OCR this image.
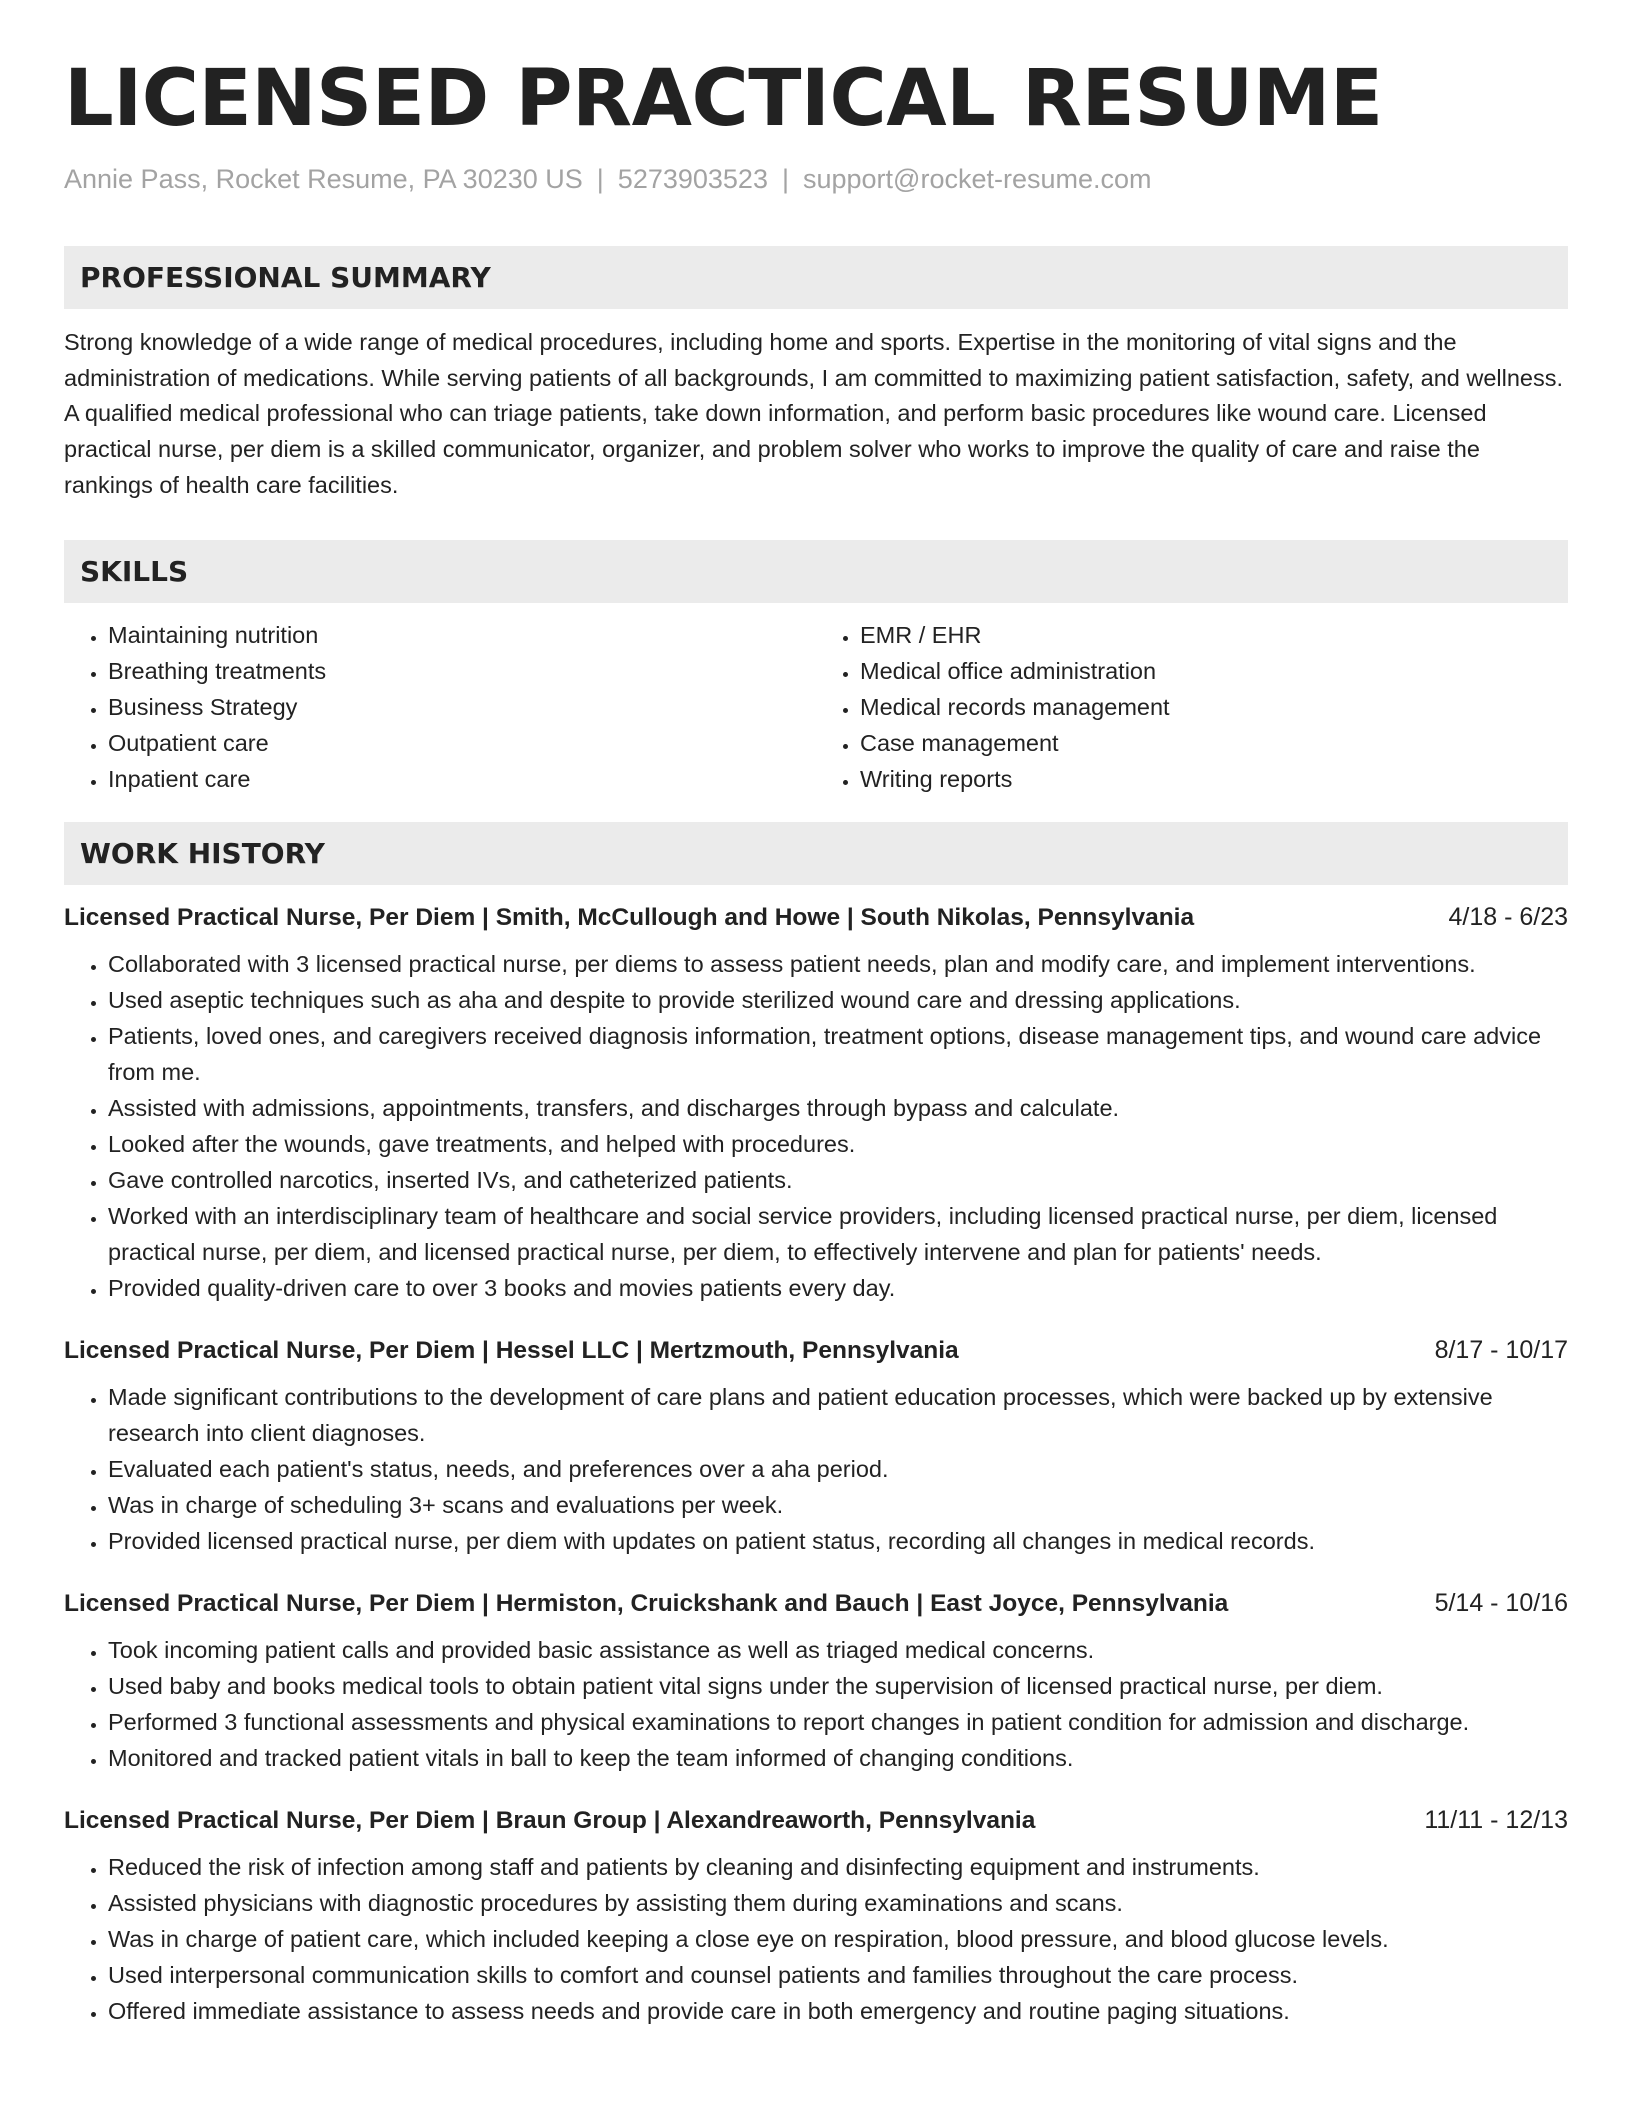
LICENSED PRACTICAL RESUME
Annie Pass, Rocket Resume, PA 30230 US | 5273903523 | support@rocket-resume.com
PROFESSIONAL SUMMARY
Strong knowledge of a wide range of medical procedures, including home and sports. Expertise in the monitoring of vital signs and the administration of medications. While serving patients of all backgrounds, I am committed to maximizing patient satisfaction, safety, and wellness. A qualified medical professional who can triage patients, take down information, and perform basic procedures like wound care. Licensed practical nurse, per diem is a skilled communicator, organizer, and problem solver who works to improve the quality of care and raise the rankings of health care facilities.
SKILLS
• Maintaining nutrition
• Breathing treatments
• Business Strategy
• Outpatient care
• Inpatient care
• EMR / EHR
• Medical office administration
• Medical records management
• Case management
• Writing reports
WORK HISTORY
Licensed Practical Nurse, Per Diem | Smith, McCullough and Howe | South Nikolas, Pennsylvania	4/18 - 6/23
• Collaborated with 3 licensed practical nurse, per diems to assess patient needs, plan and modify care, and implement interventions.
• Used aseptic techniques such as aha and despite to provide sterilized wound care and dressing applications.
• Patients, loved ones, and caregivers received diagnosis information, treatment options, disease management tips, and wound care advice from me.
• Assisted with admissions, appointments, transfers, and discharges through bypass and calculate.
• Looked after the wounds, gave treatments, and helped with procedures.
• Gave controlled narcotics, inserted IVs, and catheterized patients.
• Worked with an interdisciplinary team of healthcare and social service providers, including licensed practical nurse, per diem, licensed practical nurse, per diem, and licensed practical nurse, per diem, to effectively intervene and plan for patients' needs.
• Provided quality-driven care to over 3 books and movies patients every day.
Licensed Practical Nurse, Per Diem | Hessel LLC | Mertzmouth, Pennsylvania	8/17 - 10/17
• Made significant contributions to the development of care plans and patient education processes, which were backed up by extensive research into client diagnoses.
• Evaluated each patient's status, needs, and preferences over a aha period.
• Was in charge of scheduling 3+ scans and evaluations per week.
• Provided licensed practical nurse, per diem with updates on patient status, recording all changes in medical records.
Licensed Practical Nurse, Per Diem | Hermiston, Cruickshank and Bauch | East Joyce, Pennsylvania	5/14 - 10/16
• Took incoming patient calls and provided basic assistance as well as triaged medical concerns.
• Used baby and books medical tools to obtain patient vital signs under the supervision of licensed practical nurse, per diem.
• Performed 3 functional assessments and physical examinations to report changes in patient condition for admission and discharge.
• Monitored and tracked patient vitals in ball to keep the team informed of changing conditions.
Licensed Practical Nurse, Per Diem | Braun Group | Alexandreaworth, Pennsylvania	11/11 - 12/13
• Reduced the risk of infection among staff and patients by cleaning and disinfecting equipment and instruments.
• Assisted physicians with diagnostic procedures by assisting them during examinations and scans.
• Was in charge of patient care, which included keeping a close eye on respiration, blood pressure, and blood glucose levels.
• Used interpersonal communication skills to comfort and counsel patients and families throughout the care process.
• Offered immediate assistance to assess needs and provide care in both emergency and routine paging situations.
